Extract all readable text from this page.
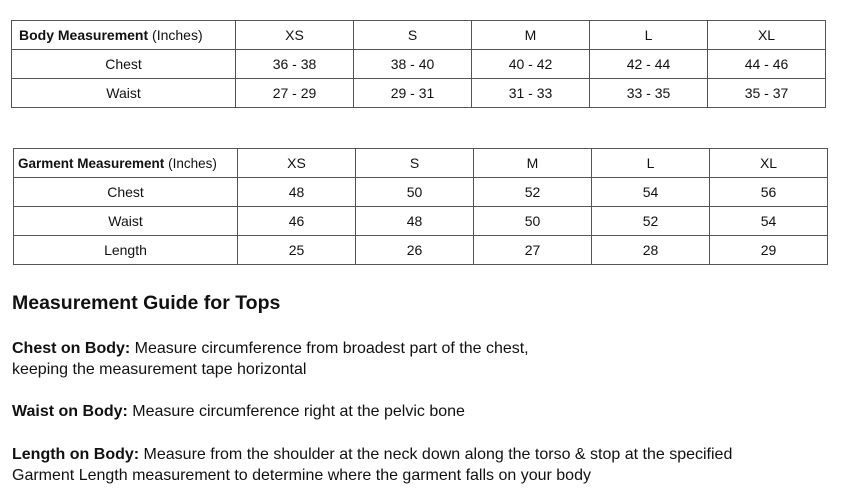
Body Measurement (Inches)	XS	S	M	L	XL
Chest	36 - 38	38 - 40	40 - 42	42 - 44	44 - 46
Waist	27 - 29	29 - 31	31 - 33	33 - 35	35 - 37
Garment Measurement (Inches)	XS	S	M	L	XL
Chest	48	50	52	54	56
Waist	46	48	50	52	54
Length	25	26	27	28	29
Measurement Guide for Tops
Chest on Body: Measure circumference from broadest part of the chest,
keeping the measurement tape horizontal
Waist on Body: Measure circumference right at the pelvic bone
Length on Body: Measure from the shoulder at the neck down along the torso & stop at the specified
Garment Length measurement to determine where the garment falls on your body
